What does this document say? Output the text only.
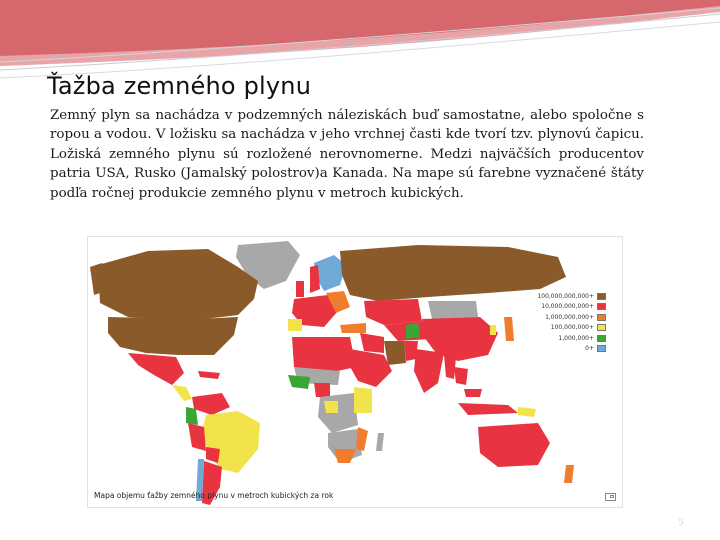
Ťažba zemného plynu

Zemný plyn sa nachádza v podzemných náleziskách buď samostatne, alebo spoločne s ropou a vodou. V ložisku sa nachádza v jeho vrchnej časti kde tvorí tzv. plynovú čapicu. Ložiská zemného plynu sú rozložené nerovnomerne. Medzi najväčších producentov patria USA, Rusko (Jamalský polostrov)a Kanada. Na mape sú farebne vyznačené štáty podľa ročnej produkcie zemného plynu v metroch kubických.

100,000,000,000+
10,000,000,000+
1,000,000,000+
100,000,000+
1,000,000+
0+
Mapa objemu ťažby zemného plynu v metroch kubických za rok
5
